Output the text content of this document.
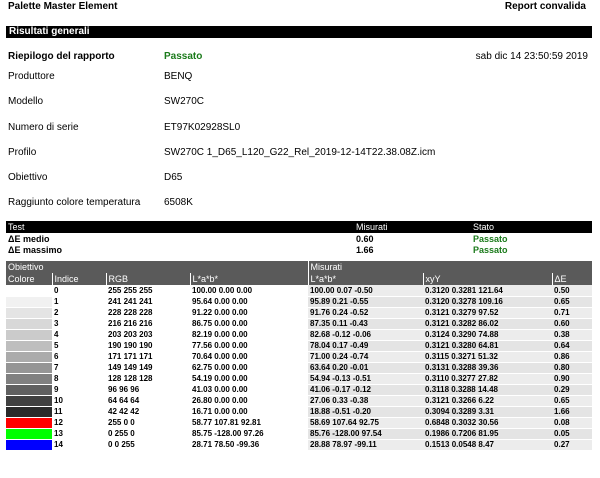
Palette Master Element	Report convalida
Risultati generali
Riepilogo del rapporto	Passato	sab dic 14 23:50:59 2019
Produttore	BENQ
Modello	SW270C
Numero di serie	ET97K02928SL0
Profilo	SW270C 1_D65_L120_G22_Rel_2019-12-14T22.38.08Z.icm
Obiettivo	D65
Raggiunto colore temperatura 6508K
Test	Misurati	Stato
ΔE medio	0.60	Passato
ΔE massimo	1.66	Passato
Obiettivo				Misurati		
Colore	Indice	RGB	L*a*b*	L*a*b*	xyY	ΔE

	0	255 255 255	100.00 0.00 0.00	100.00 0.07 -0.50	0.3120 0.3281 121.64	0.50

	1	241 241 241	95.64 0.00 0.00	95.89 0.21 -0.55	0.3120 0.3278 109.16	0.65

	2	228 228 228	91.22 0.00 0.00	91.76 0.24 -0.52	0.3121 0.3279 97.52	0.71

	3	216 216 216	86.75 0.00 0.00	87.35 0.11 -0.43	0.3121 0.3282 86.02	0.60

	4	203 203 203	82.19 0.00 0.00	82.68 -0.12 -0.06	0.3124 0.3290 74.88	0.38

	5	190 190 190	77.56 0.00 0.00	78.04 0.17 -0.49	0.3121 0.3280 64.81	0.64

	6	171 171 171	70.64 0.00 0.00	71.00 0.24 -0.74	0.3115 0.3271 51.32	0.86

	7	149 149 149	62.75 0.00 0.00	63.64 0.20 -0.01	0.3131 0.3288 39.36	0.80

	8	128 128 128	54.19 0.00 0.00	54.94 -0.13 -0.51	0.3110 0.3277 27.82	0.90

	9	96 96 96	41.03 0.00 0.00	41.06 -0.17 -0.12	0.3118 0.3288 14.48	0.29

	10	64 64 64	26.80 0.00 0.00	27.06 0.33 -0.38	0.3121 0.3266 6.22	0.65

	11	42 42 42	16.71 0.00 0.00	18.88 -0.51 -0.20	0.3094 0.3289 3.31	1.66

	12	255 0 0	58.77 107.81 92.81	58.69 107.64 92.75	0.6848 0.3032 30.56	0.08

	13	0 255 0	85.75 -128.00 97.26	85.76 -128.00 97.54	0.1986 0.7206 81.95	0.05

	14	0 0 255	28.71 78.50 -99.36	28.88 78.97 -99.11	0.1513 0.0548 8.47	0.27
